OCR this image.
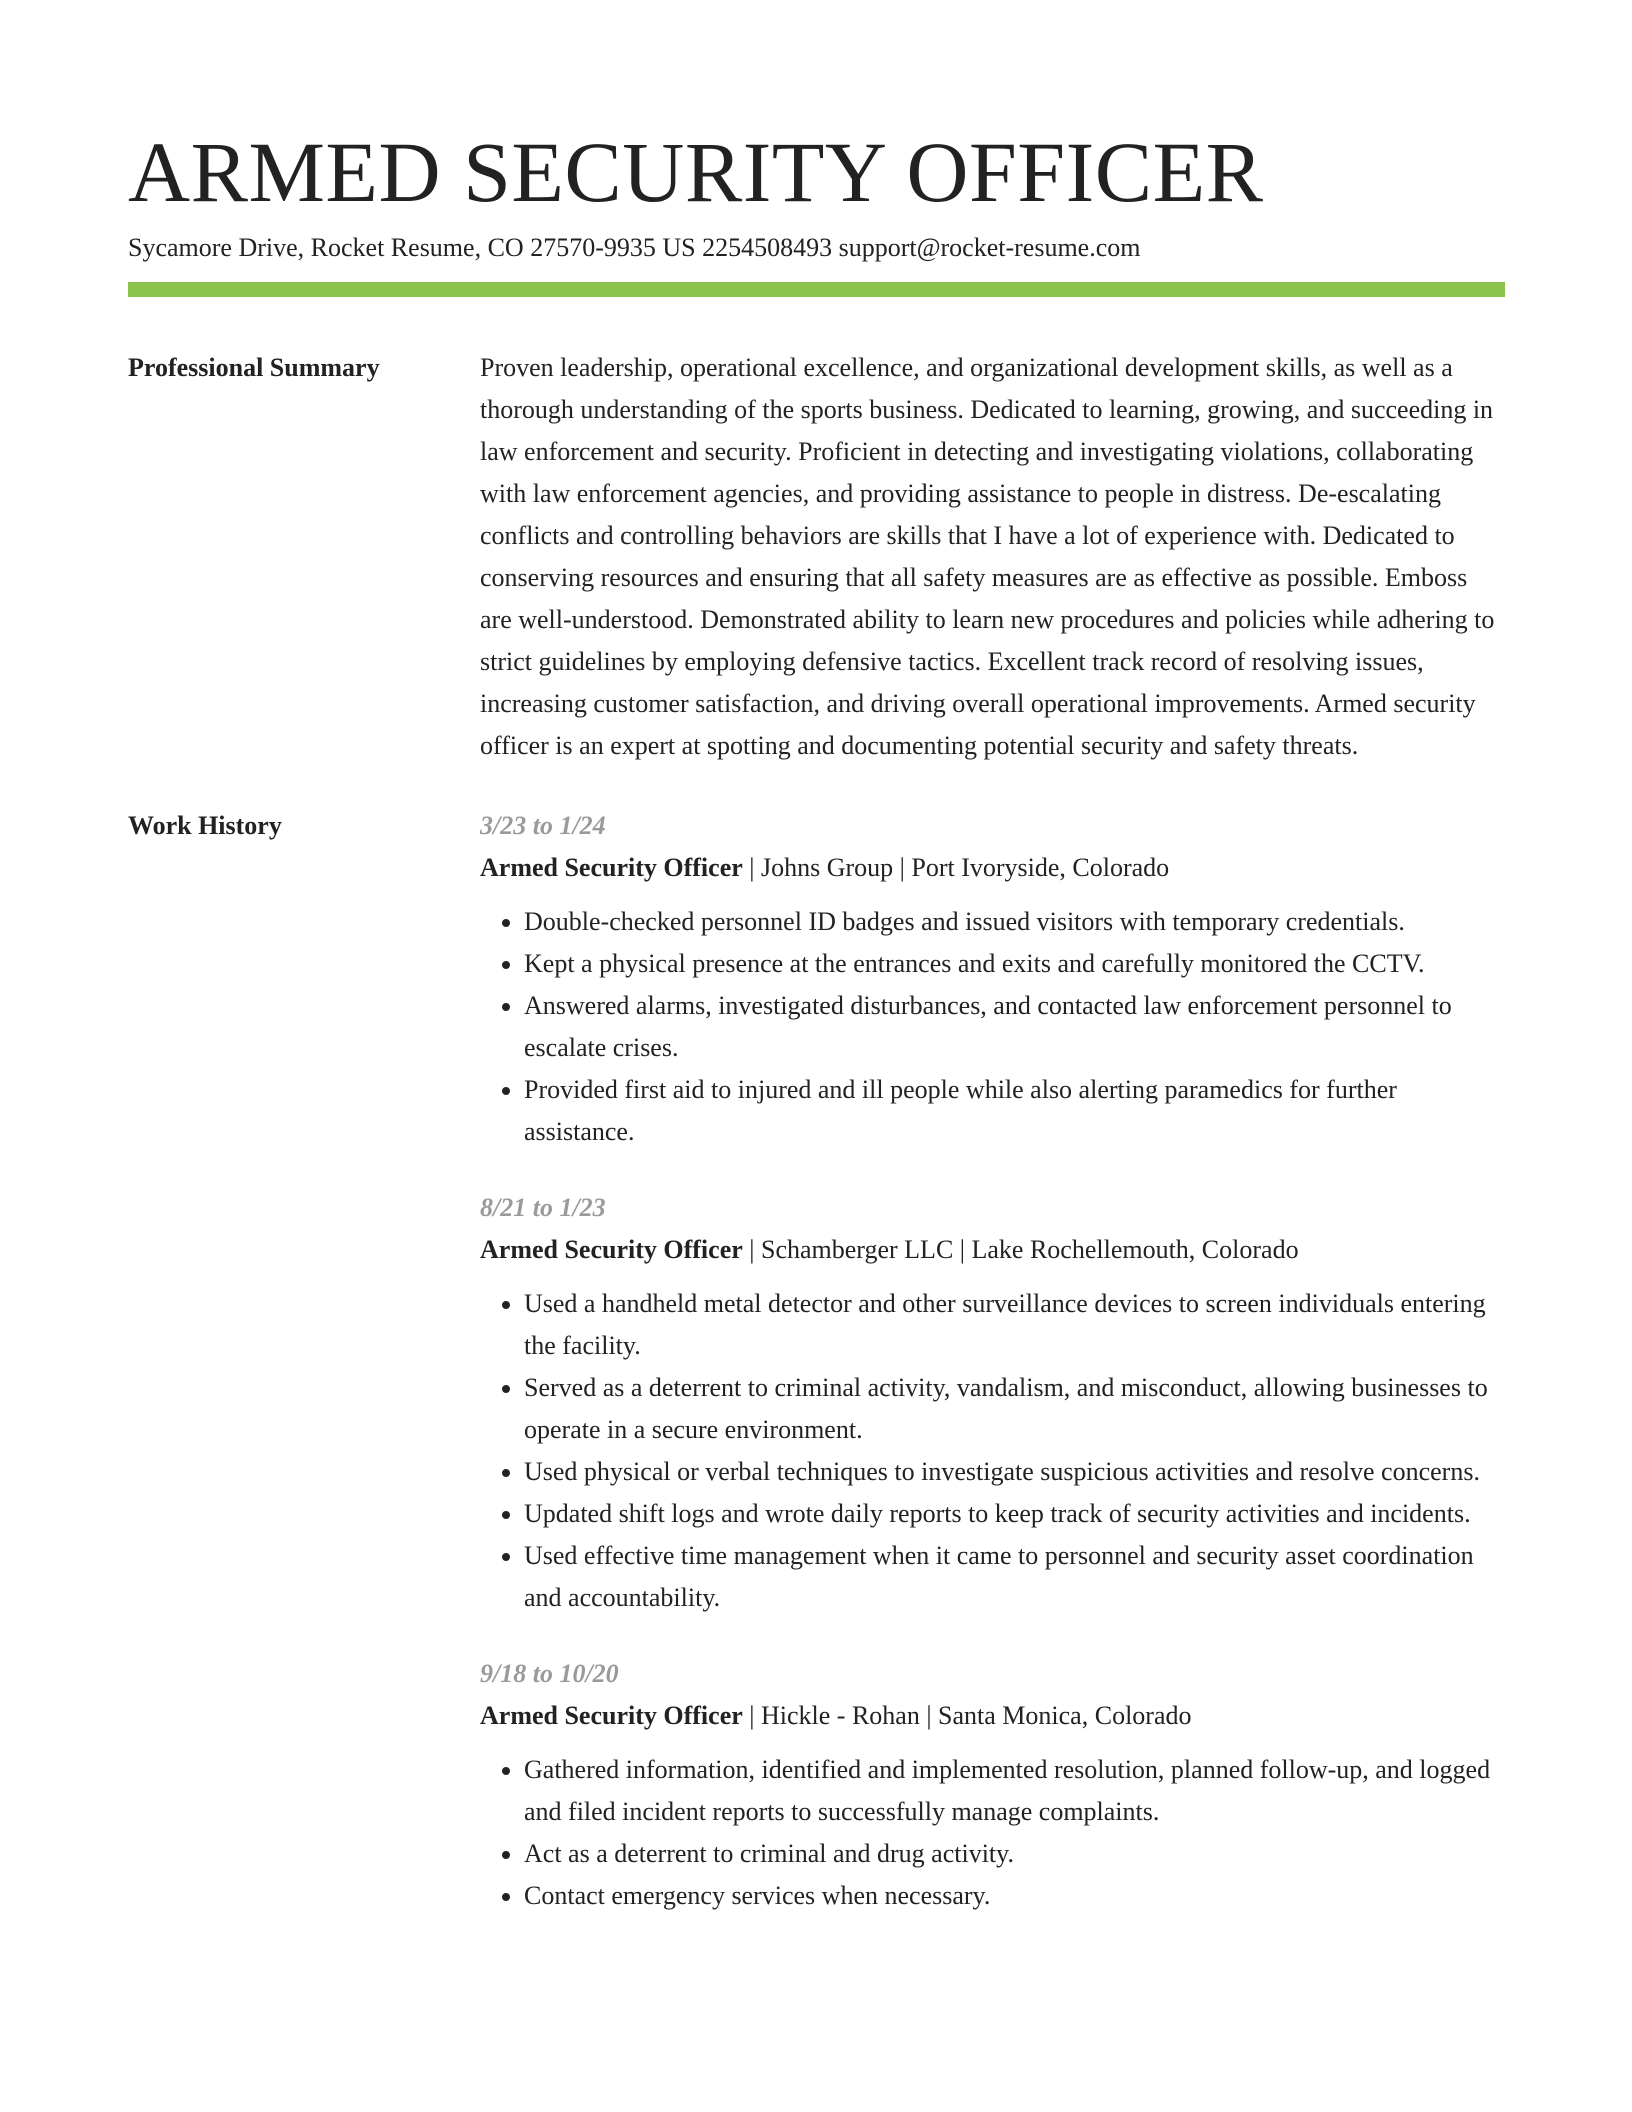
ARMED SECURITY OFFICER
Sycamore Drive, Rocket Resume, CO 27570-9935 US 2254508493 support@rocket-resume.com
Professional Summary	Proven leadership, operational excellence, and organizational development skills, as well as a thorough understanding of the sports business. Dedicated to learning, growing, and succeeding in law enforcement and security. Proficient in detecting and investigating violations, collaborating with law enforcement agencies, and providing assistance to people in distress. De-escalating conflicts and controlling behaviors are skills that I have a lot of experience with. Dedicated to conserving resources and ensuring that all safety measures are as effective as possible. Emboss are well-understood. Demonstrated ability to learn new procedures and policies while adhering to strict guidelines by employing defensive tactics. Excellent track record of resolving issues, increasing customer satisfaction, and driving overall operational improvements. Armed security officer is an expert at spotting and documenting potential security and safety threats.

Work History	3/23 to 1/24
Armed Security Officer | Johns Group | Port Ivoryside, Colorado
• Double-checked personnel ID badges and issued visitors with temporary credentials.
• Kept a physical presence at the entrances and exits and carefully monitored the CCTV.
• Answered alarms, investigated disturbances, and contacted law enforcement personnel to escalate crises.
• Provided first aid to injured and ill people while also alerting paramedics for further assistance.
8/21 to 1/23
Armed Security Officer | Schamberger LLC | Lake Rochellemouth, Colorado
• Used a handheld metal detector and other surveillance devices to screen individuals entering the facility.
• Served as a deterrent to criminal activity, vandalism, and misconduct, allowing businesses to operate in a secure environment.
• Used physical or verbal techniques to investigate suspicious activities and resolve concerns.
• Updated shift logs and wrote daily reports to keep track of security activities and incidents.
• Used effective time management when it came to personnel and security asset coordination and accountability.
9/18 to 10/20
Armed Security Officer | Hickle - Rohan | Santa Monica, Colorado
• Gathered information, identified and implemented resolution, planned follow-up, and logged and filed incident reports to successfully manage complaints.
• Act as a deterrent to criminal and drug activity.
• Contact emergency services when necessary.
